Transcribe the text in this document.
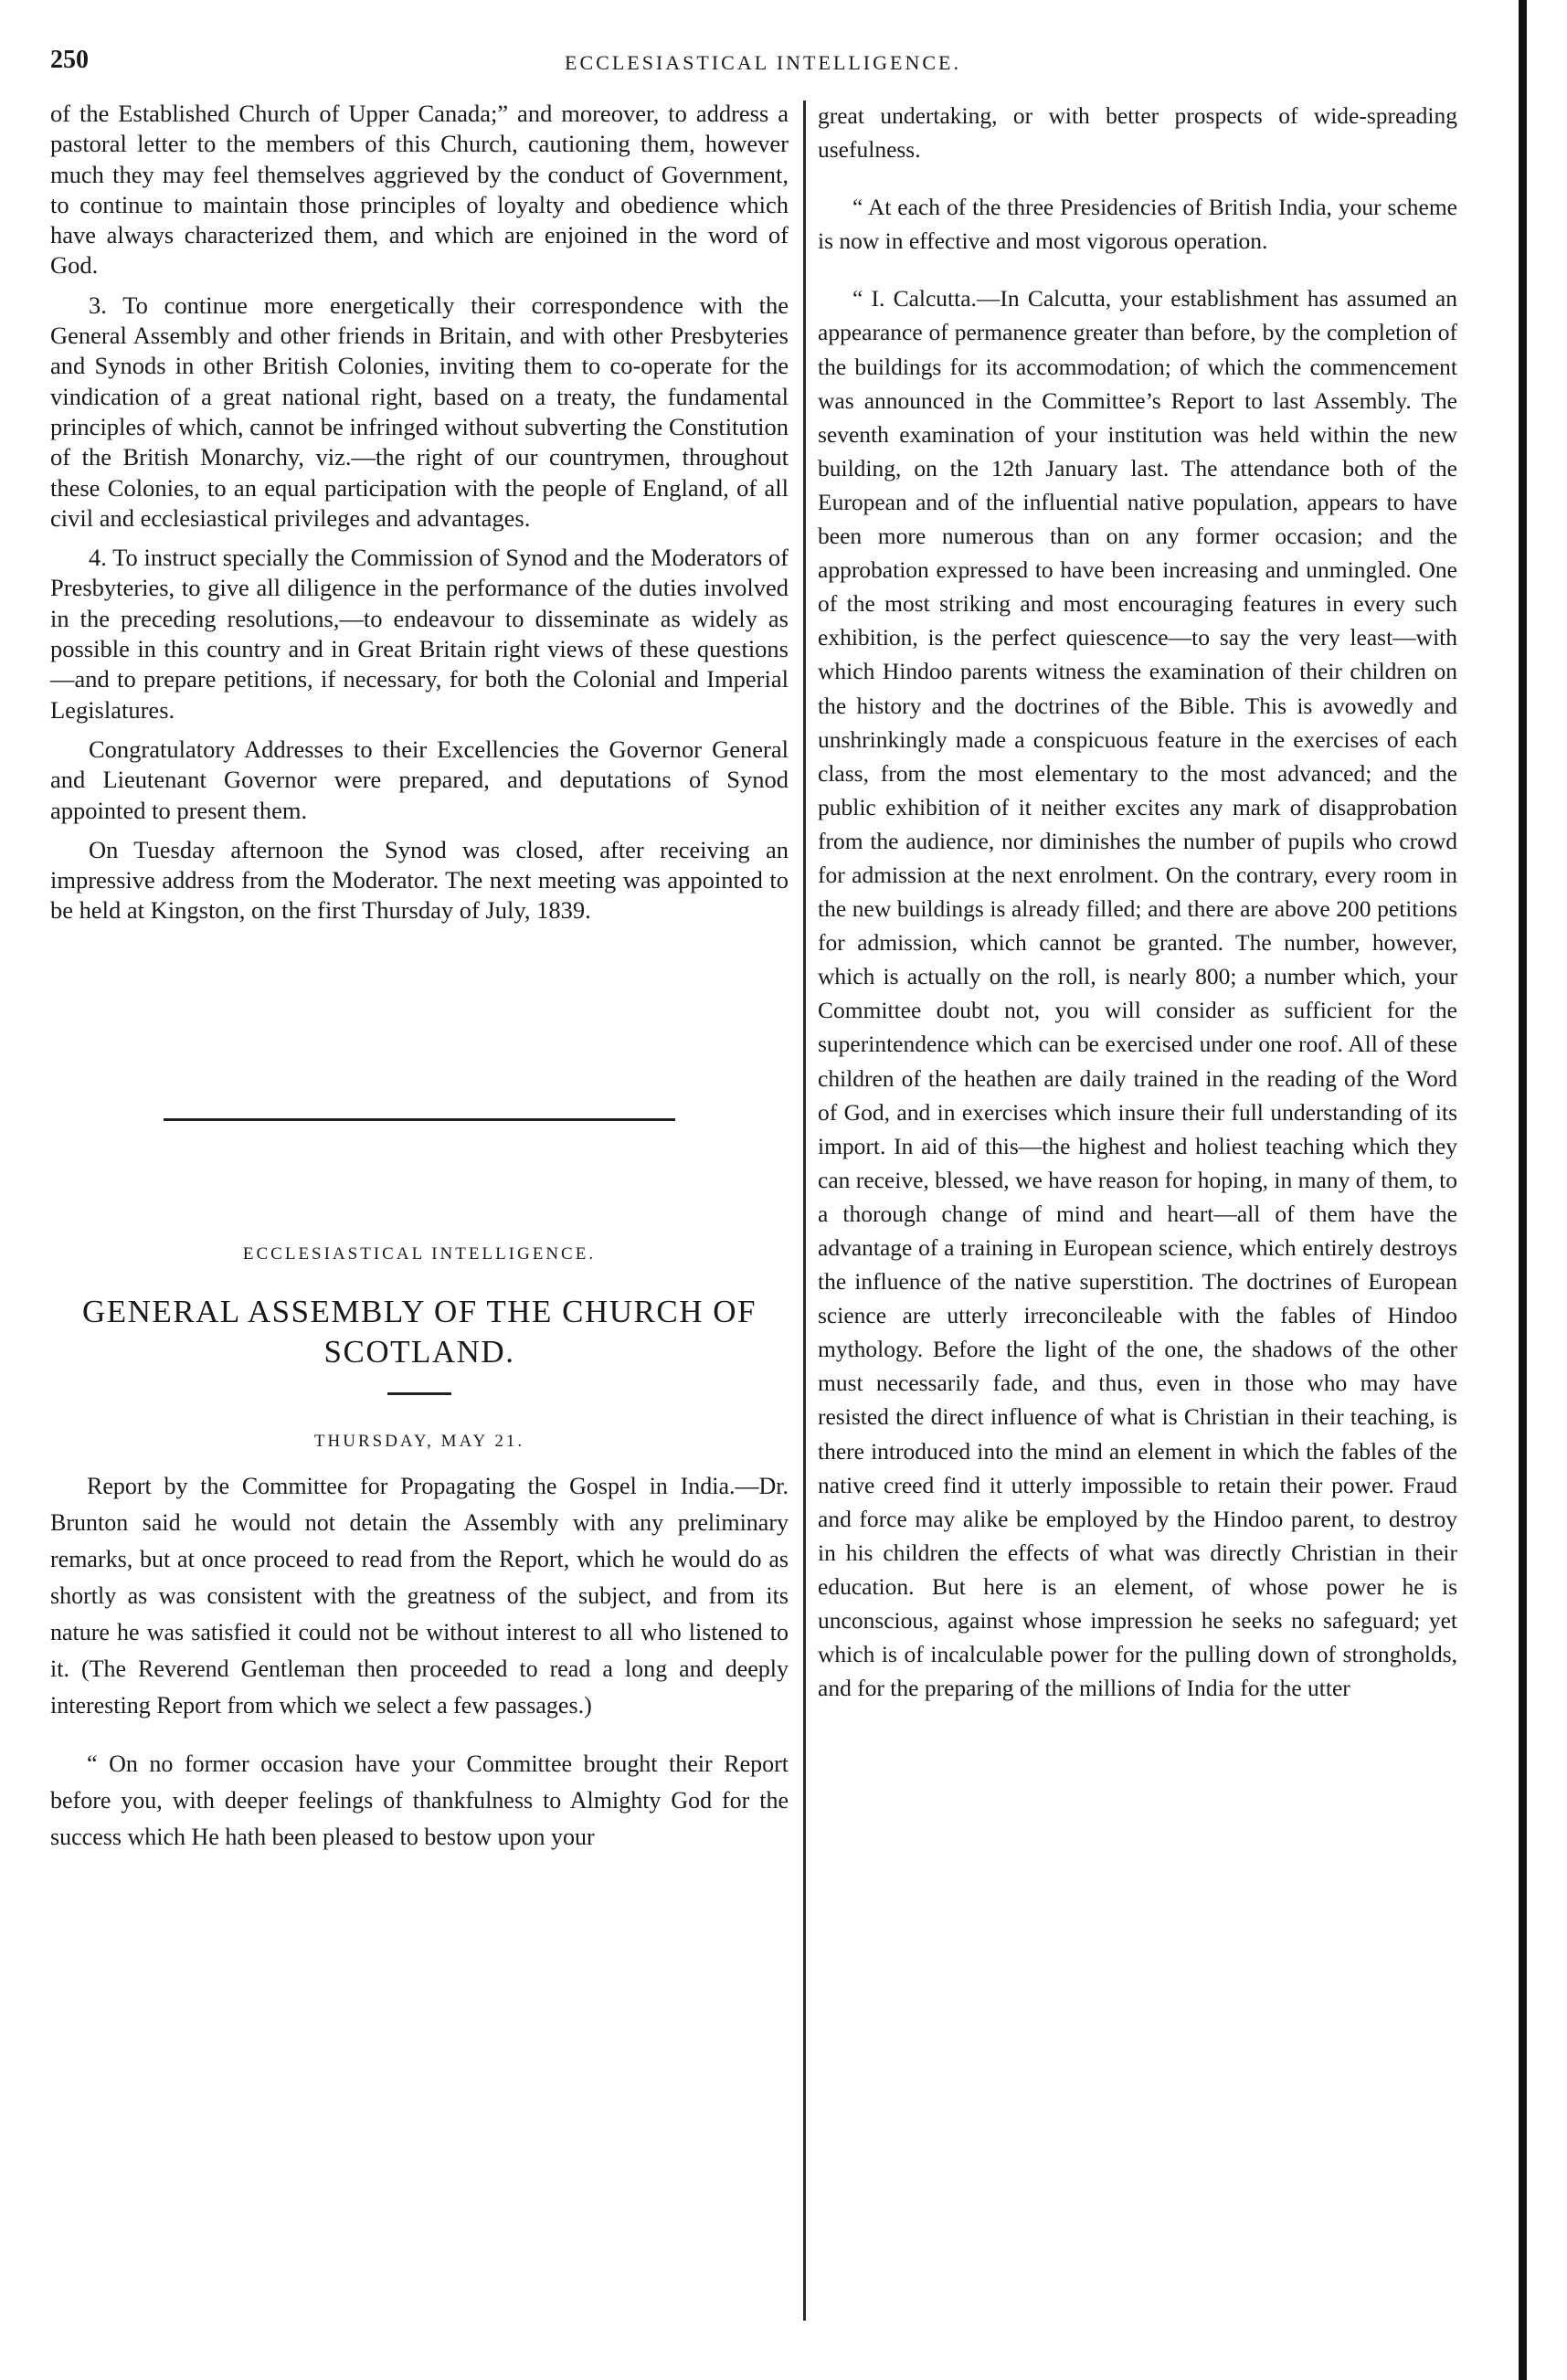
250	ECCLESIASTICAL INTELLIGENCE.

of the Established Church of Upper Canada;” and moreover, to address a pastoral letter to the members of this Church, cautioning them, however much they may feel themselves aggrieved by the conduct of Government, to continue to maintain those principles of loyalty and obedience which have always characterized them, and which are enjoined in the word of God.

3. To continue more energetically their correspondence with the General Assembly and other friends in Britain, and with other Presbyteries and Synods in other British Colonies, inviting them to co-operate for the vindication of a great national right, based on a treaty, the fundamental principles of which, cannot be infringed without subverting the Constitution of the British Monarchy, viz.—the right of our countrymen, throughout these Colonies, to an equal participation with the people of England, of all civil and ecclesiastical privileges and advantages.

4. To instruct specially the Commission of Synod and the Moderators of Presbyteries, to give all diligence in the performance of the duties involved in the preceding resolutions,—to endeavour to disseminate as widely as possible in this country and in Great Britain right views of these questions—and to prepare petitions, if necessary, for both the Colonial and Imperial Legislatures.

Congratulatory Addresses to their Excellencies the Governor General and Lieutenant Governor were prepared, and deputations of Synod appointed to present them.

On Tuesday afternoon the Synod was closed, after receiving an impressive address from the Moderator. The next meeting was appointed to be held at Kingston, on the first Thursday of July, 1839.

ECCLESIASTICAL INTELLIGENCE.
GENERAL ASSEMBLY OF THE CHURCH OF SCOTLAND.
THURSDAY, MAY 21.

Report by the Committee for Propagating the Gospel in India.—Dr. Brunton said he would not detain the Assembly with any preliminary remarks, but at once proceed to read from the Report, which he would do as shortly as was consistent with the greatness of the subject, and from its nature he was satisfied it could not be without interest to all who listened to it. (The Reverend Gentleman then proceeded to read a long and deeply interesting Report from which we select a few passages.)

“ On no former occasion have your Committee brought their Report before you, with deeper feelings of thankfulness to Almighty God for the success which He hath been pleased to bestow upon your

great undertaking, or with better prospects of wide-spreading usefulness.

“ At each of the three Presidencies of British India, your scheme is now in effective and most vigorous operation.

“ I. Calcutta.—In Calcutta, your establishment has assumed an appearance of permanence greater than before, by the completion of the buildings for its accommodation; of which the commencement was announced in the Committee’s Report to last Assembly. The seventh examination of your institution was held within the new building, on the 12th January last. The attendance both of the European and of the influential native population, appears to have been more numerous than on any former occasion; and the approbation expressed to have been increasing and unmingled. One of the most striking and most encouraging features in every such exhibition, is the perfect quiescence—to say the very least—with which Hindoo parents witness the examination of their children on the history and the doctrines of the Bible. This is avowedly and unshrinkingly made a conspicuous feature in the exercises of each class, from the most elementary to the most advanced; and the public exhibition of it neither excites any mark of disapprobation from the audience, nor diminishes the number of pupils who crowd for admission at the next enrolment. On the contrary, every room in the new buildings is already filled; and there are above 200 petitions for admission, which cannot be granted. The number, however, which is actually on the roll, is nearly 800; a number which, your Committee doubt not, you will consider as sufficient for the superintendence which can be exercised under one roof. All of these children of the heathen are daily trained in the reading of the Word of God, and in exercises which insure their full understanding of its import. In aid of this—the highest and holiest teaching which they can receive, blessed, we have reason for hoping, in many of them, to a thorough change of mind and heart—all of them have the advantage of a training in European science, which entirely destroys the influence of the native superstition. The doctrines of European science are utterly irreconcileable with the fables of Hindoo mythology. Before the light of the one, the shadows of the other must necessarily fade, and thus, even in those who may have resisted the direct influence of what is Christian in their teaching, is there introduced into the mind an element in which the fables of the native creed find it utterly impossible to retain their power. Fraud and force may alike be employed by the Hindoo parent, to destroy in his children the effects of what was directly Christian in their education. But here is an element, of whose power he is unconscious, against whose impression he seeks no safeguard; yet which is of incalculable power for the pulling down of strongholds, and for the preparing of the millions of India for the utter
